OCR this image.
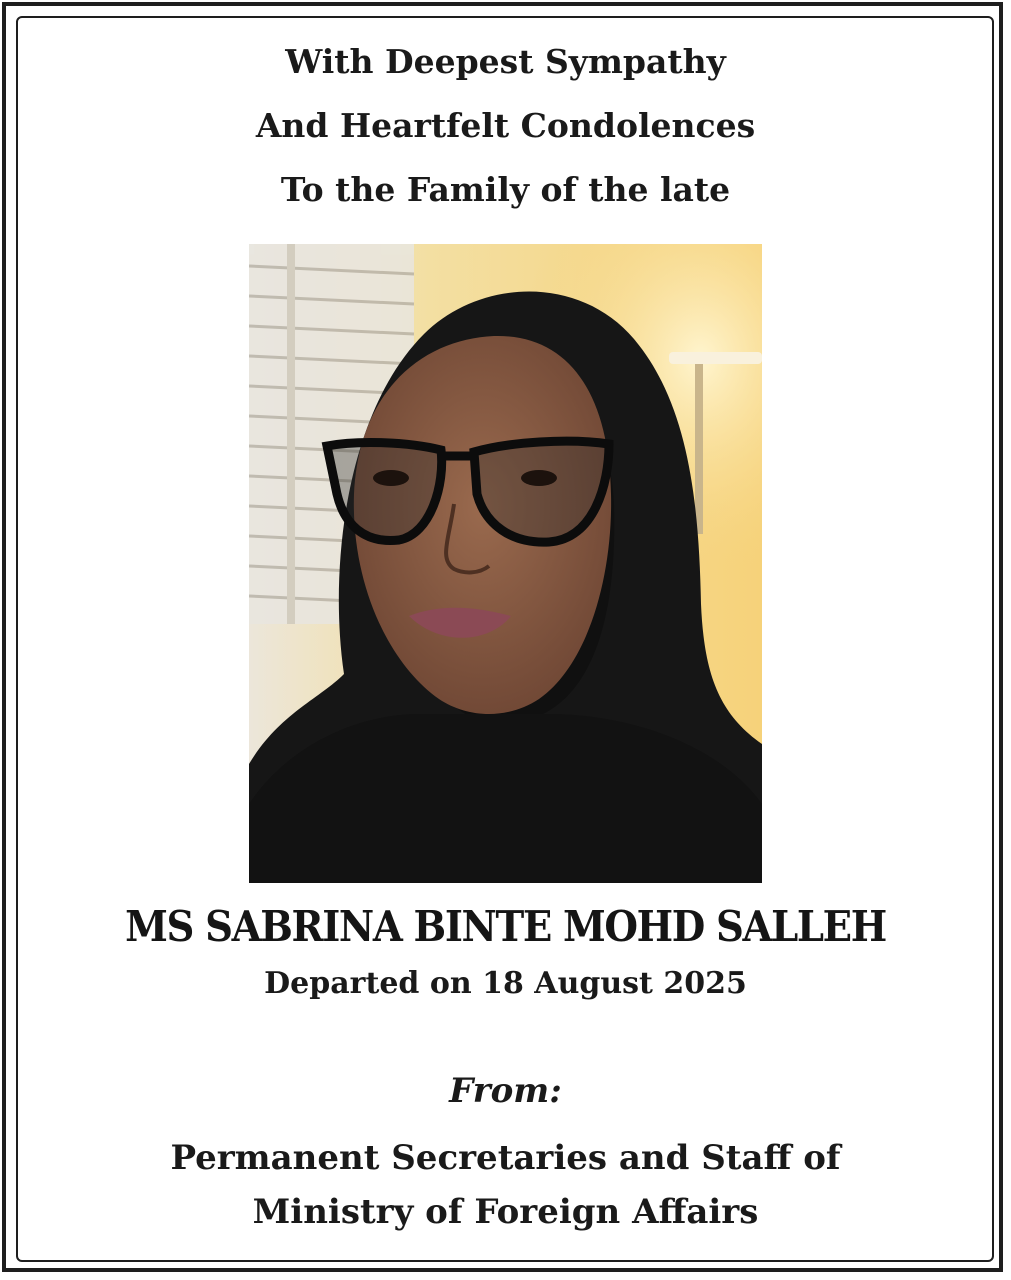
With Deepest Sympathy
And Heartfelt Condolences
To the Family of the late
MS SABRINA BINTE MOHD SALLEH
Departed on 18 August 2025
From:
Permanent Secretaries and Staff of
Ministry of Foreign Affairs
